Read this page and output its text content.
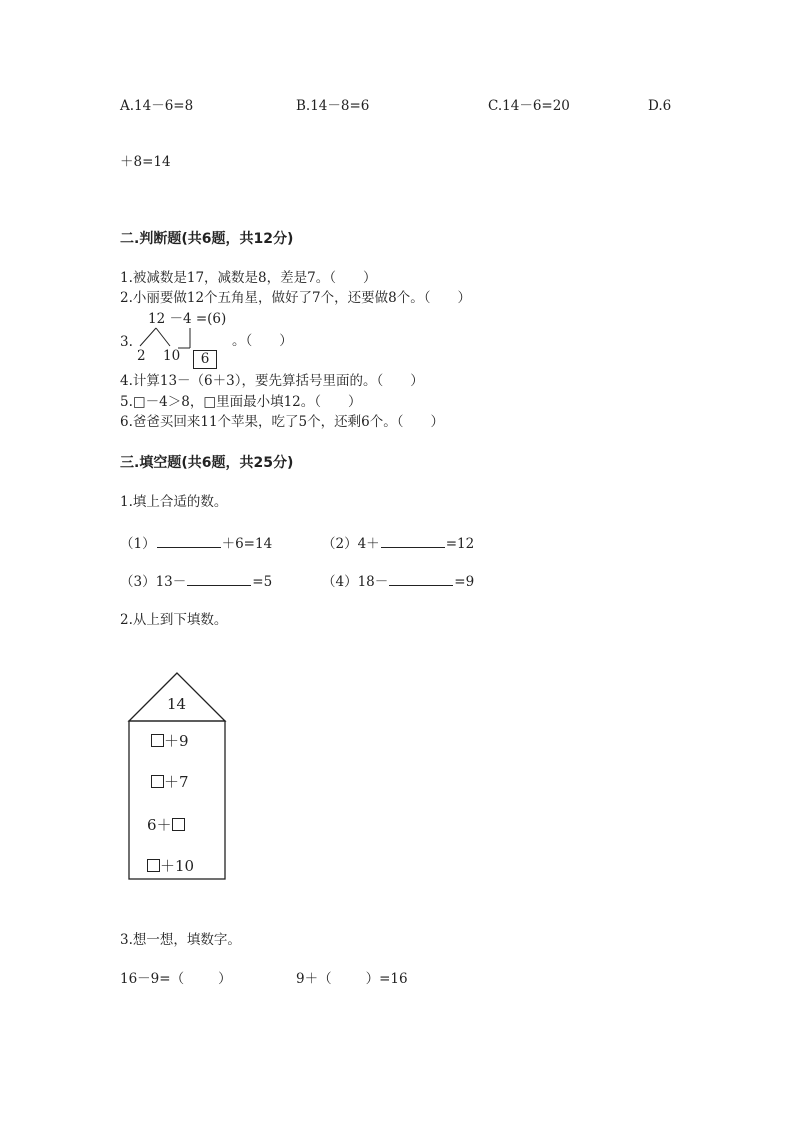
A.14－6=8	B.14－8=6	C.14－6=20	D.6
＋8=14
二.判断题(共6题，共12分)
1.被减数是17，减数是8，差是7。（　　）
2.小丽要做12个五角星，做好了7个，还要做8个。（　　）
3.
12 －4 =(6)
2 10	6
。（　　）
4.计算13－（6＋3），要先算括号里面的。（　　）
5.□－4＞8，□里面最小填12。（　　）
6.爸爸买回来11个苹果，吃了5个，还剩6个。（　　）
三.填空题(共6题，共25分)
1.填上合适的数。
（1）	＋6=14	（2）4＋	=12
（3）13－	=5	（4）18－	=9
2.从上到下填数。
14
＋9
＋7
6＋
＋10
3.想一想，填数字。
16－9=（	）	9＋（	）=16
